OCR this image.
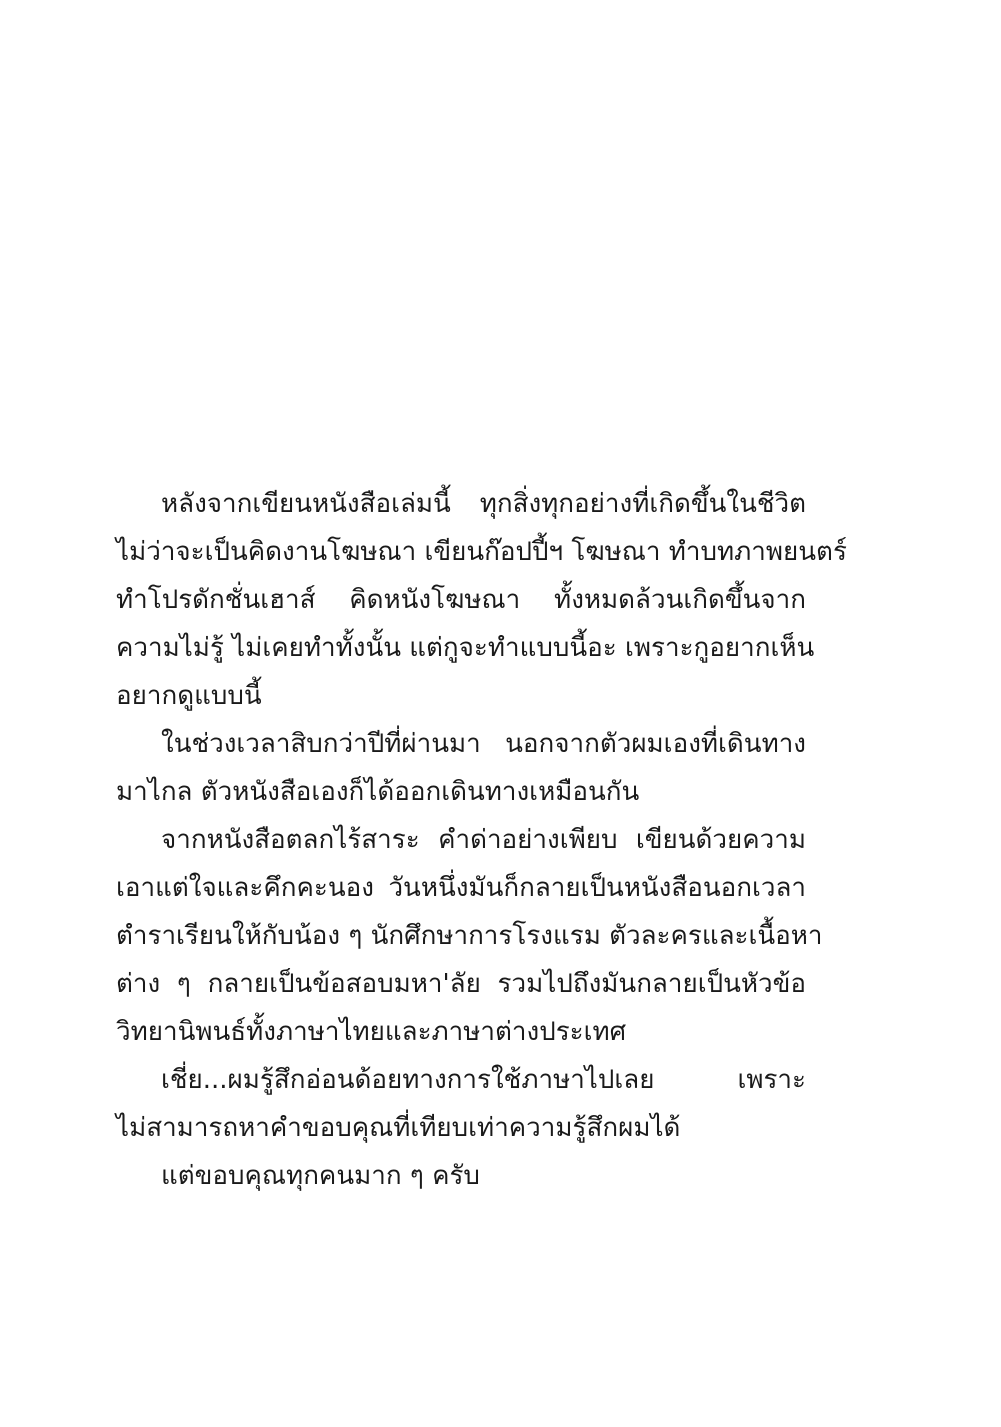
หลังจากเขียนหนังสือเล่มนี้ ทุกสิ่งทุกอย่างที่เกิดขึ้นในชีวิต
ไม่ว่าจะเป็นคิดงานโฆษณา เขียนก๊อปปี้ฯ โฆษณา ทำบทภาพยนตร์
ทำโปรดักชั่นเฮาส์ คิดหนังโฆษณา ทั้งหมดล้วนเกิดขึ้นจาก
ความไม่รู้ ไม่เคยทำทั้งนั้น แต่กูจะทำแบบนี้อะ เพราะกูอยากเห็น
อยากดูแบบนี้
ในช่วงเวลาสิบกว่าปีที่ผ่านมา นอกจากตัวผมเองที่เดินทาง
มาไกล ตัวหนังสือเองก็ได้ออกเดินทางเหมือนกัน
จากหนังสือตลกไร้สาระ คำด่าอย่างเพียบ เขียนด้วยความ
เอาแต่ใจและคึกคะนอง วันหนึ่งมันก็กลายเป็นหนังสือนอกเวลา
ตำราเรียนให้กับน้อง ๆ นักศึกษาการโรงแรม ตัวละครและเนื้อหา
ต่าง ๆ กลายเป็นข้อสอบมหา'ลัย รวมไปถึงมันกลายเป็นหัวข้อ
วิทยานิพนธ์ทั้งภาษาไทยและภาษาต่างประเทศ
เชี่ย...ผมรู้สึกอ่อนด้อยทางการใช้ภาษาไปเลย เพราะ
ไม่สามารถหาคำขอบคุณที่เทียบเท่าความรู้สึกผมได้
แต่ขอบคุณทุกคนมาก ๆ ครับ
